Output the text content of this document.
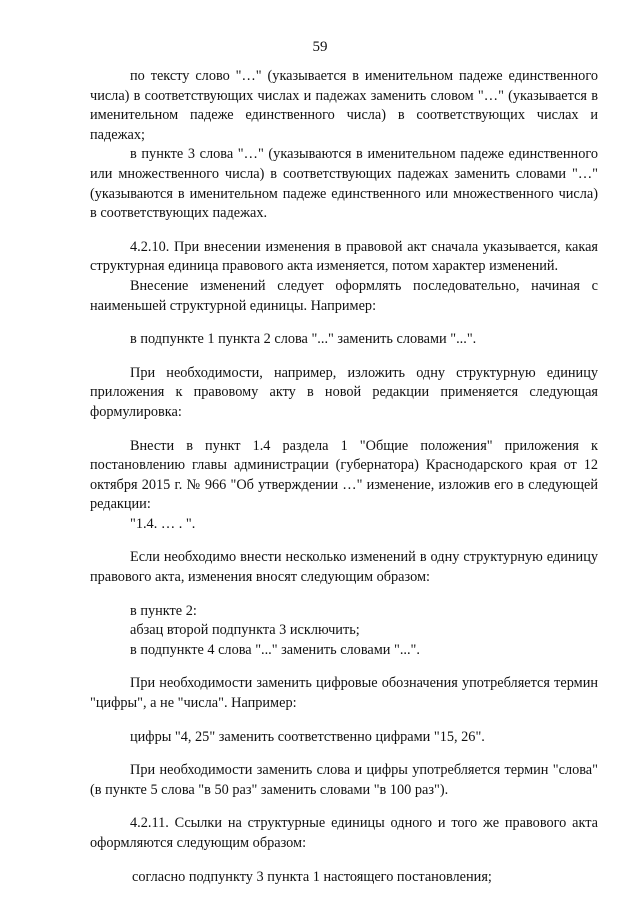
59

по тексту слово "…" (указывается в именительном падеже единственного числа) в соответствующих числах и падежах заменить словом "…" (указывается в именительном падеже единственного числа) в соответствующих числах и падежах;

в пункте 3 слова "…" (указываются в именительном падеже единственного или множественного числа) в соответствующих падежах заменить словами "…" (указываются в именительном падеже единственного или множественного числа) в соответствующих падежах.

4.2.10. При внесении изменения в правовой акт сначала указывается, какая структурная единица правового акта изменяется, потом характер изменений.

Внесение изменений следует оформлять последовательно, начиная с наименьшей структурной единицы. Например:

в подпункте 1 пункта 2 слова "..." заменить словами "...".

При необходимости, например, изложить одну структурную единицу приложения к правовому акту в новой редакции применяется следующая формулировка:

Внести в пункт 1.4 раздела 1 "Общие положения" приложения к постановлению главы администрации (губернатора) Краснодарского края от 12 октября 2015 г. № 966 "Об утверждении …" изменение, изложив его в следующей редакции:

"1.4. … . ".

Если необходимо внести несколько изменений в одну структурную единицу правового акта, изменения вносят следующим образом:

в пункте 2:

абзац второй подпункта 3 исключить;

в подпункте 4 слова "..." заменить словами "...".

При необходимости заменить цифровые обозначения употребляется термин "цифры", а не "числа". Например:

цифры "4, 25" заменить соответственно цифрами "15, 26".

При необходимости заменить слова и цифры употребляется термин "слова" (в пункте 5 слова "в 50 раз" заменить словами "в 100 раз").

4.2.11. Ссылки на структурные единицы одного и того же правового акта оформляются следующим образом:

согласно подпункту 3 пункта 1 настоящего постановления;
